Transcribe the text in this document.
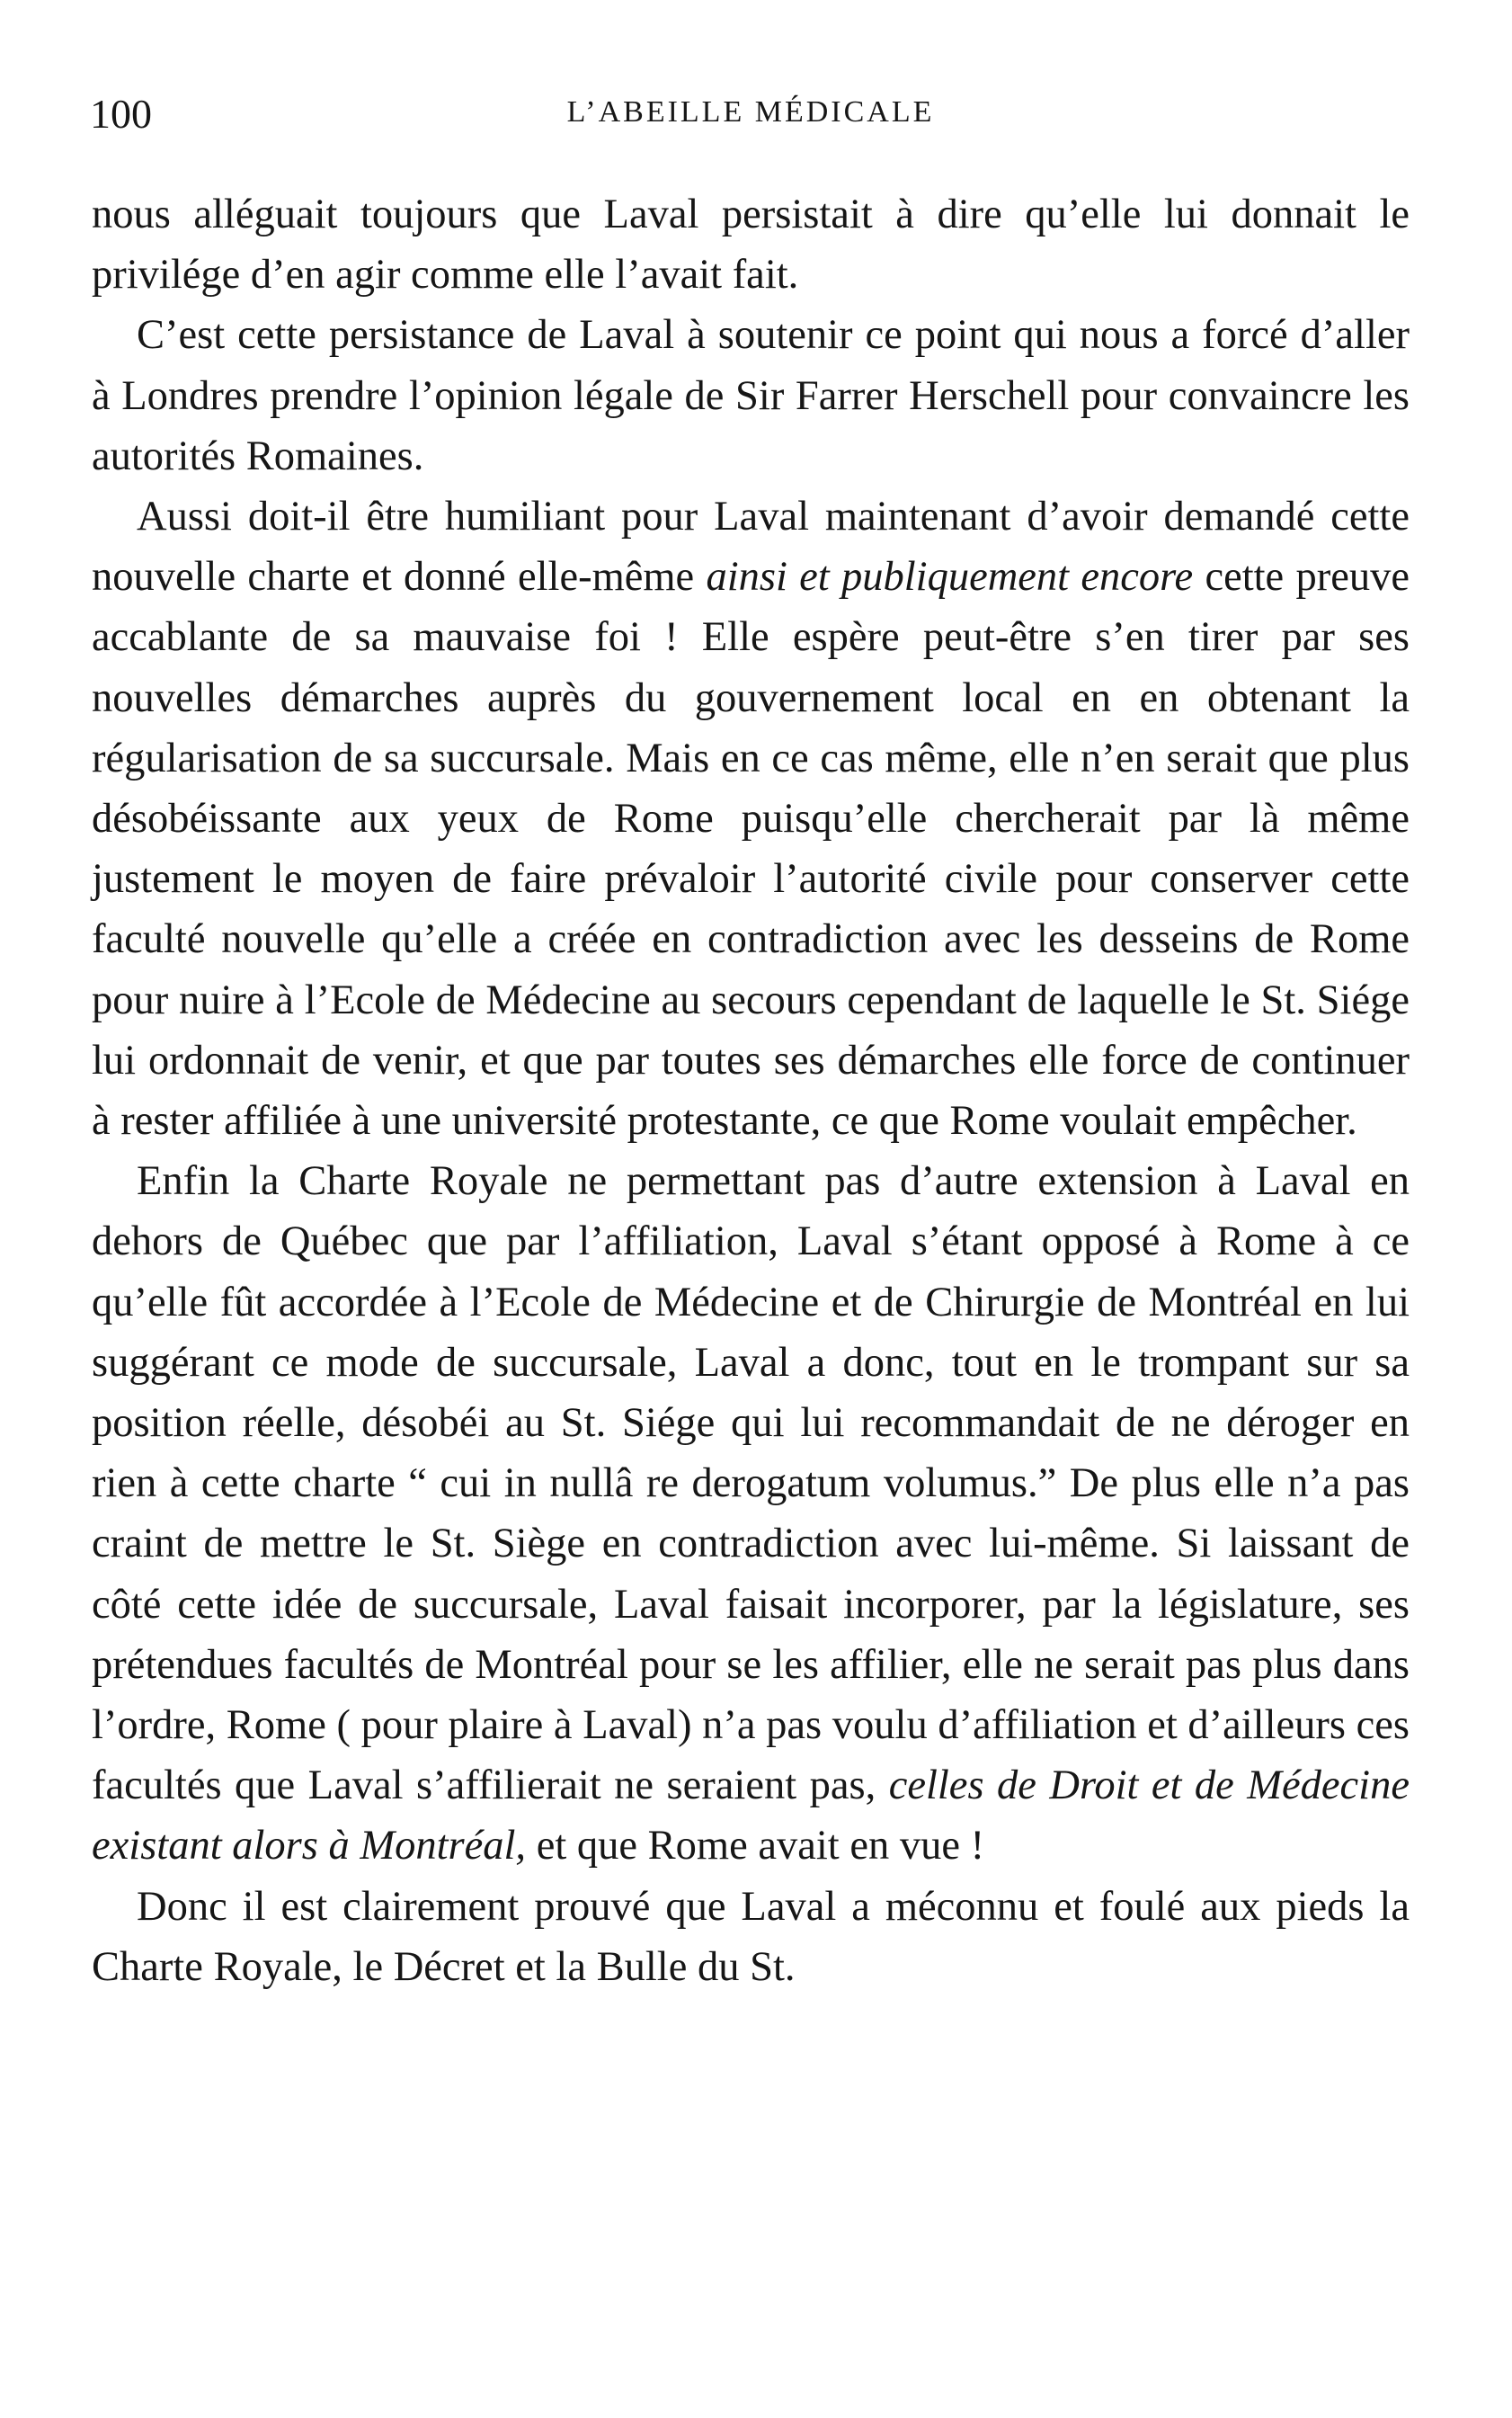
100	L’ABEILLE MÉDICALE

nous alléguait toujours que Laval persistait à dire qu’elle lui donnait le privilége d’en agir comme elle l’avait fait.

C’est cette persistance de Laval à soutenir ce point qui nous a forcé d’aller à Londres prendre l’opinion légale de Sir Farrer Herschell pour convaincre les autorités Romaines.

Aussi doit-il être humiliant pour Laval maintenant d’avoir demandé cette nouvelle charte et donné elle-même ainsi et publiquement encore cette preuve accablante de sa mauvaise foi ! Elle espère peut-être s’en tirer par ses nouvelles démarches auprès du gouvernement local en en obtenant la régularisation de sa succursale. Mais en ce cas même, elle n’en serait que plus désobéissante aux yeux de Rome puisqu’elle chercherait par là même justement le moyen de faire prévaloir l’autorité civile pour conserver cette faculté nouvelle qu’elle a créée en contradiction avec les desseins de Rome pour nuire à l’Ecole de Médecine au secours cependant de laquelle le St. Siége lui ordonnait de venir, et que par toutes ses démarches elle force de continuer à rester affiliée à une université protestante, ce que Rome voulait empêcher.

Enfin la Charte Royale ne permettant pas d’autre extension à Laval en dehors de Québec que par l’affiliation, Laval s’étant opposé à Rome à ce qu’elle fût accordée à l’Ecole de Médecine et de Chirurgie de Montréal en lui suggérant ce mode de succursale, Laval a donc, tout en le trompant sur sa position réelle, désobéi au St. Siége qui lui recommandait de ne déroger en rien à cette charte “ cui in nullâ re derogatum volumus.” De plus elle n’a pas craint de mettre le St. Siège en contradiction avec lui-même. Si laissant de côté cette idée de succursale, Laval faisait incorporer, par la législature, ses prétendues facultés de Montréal pour se les affilier, elle ne serait pas plus dans l’ordre, Rome ( pour plaire à Laval) n’a pas voulu d’affiliation et d’ailleurs ces facultés que Laval s’affilierait ne seraient pas, celles de Droit et de Médecine existant alors à Montréal, et que Rome avait en vue !

Donc il est clairement prouvé que Laval a méconnu et foulé aux pieds la Charte Royale, le Décret et la Bulle du St.
